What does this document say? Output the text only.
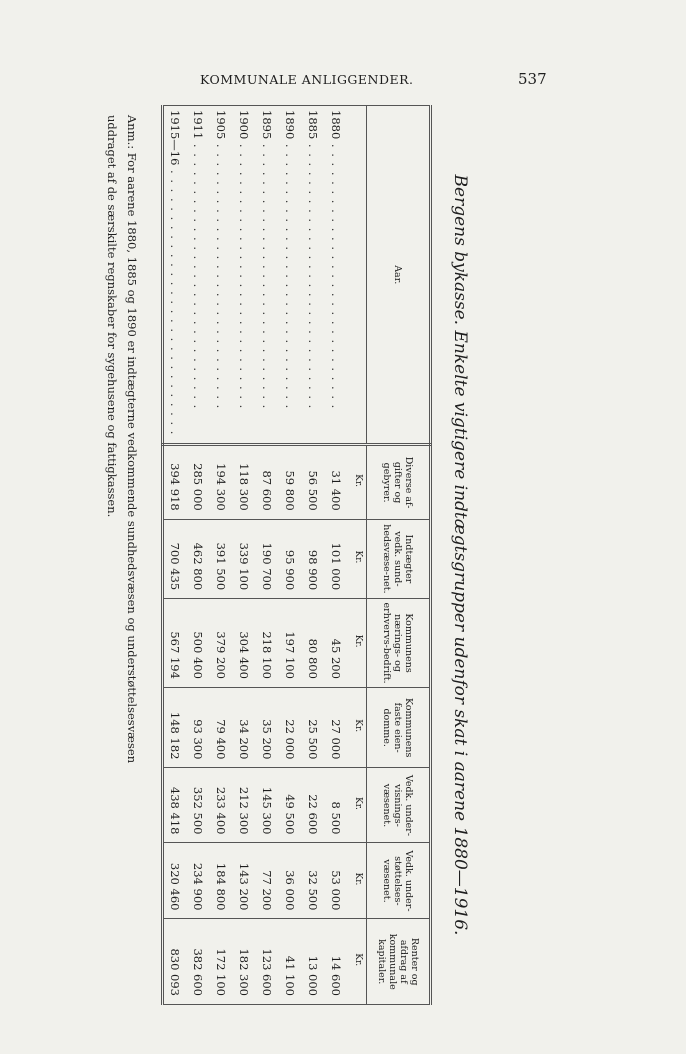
KOMMUNALE ANLIGGENDER.	537
Bergens bykasse. Enkelte vigtigere indtægtsgrupper udenfor skat i aarene 1880—1916.
Aar.	Diverse af-gifter og gebyrer.	Indtægter vedk. sund-hedsvæse-net.	Kommunens nærings- og erhvervs-bedrift.	Kommunens faste eien-domme.	Vedk. under-visnings-væsenet.	Vedk. under-støttelses-væsenet.	Renter og afdrag af kommunale kapitaler.
	Kr.	Kr.	Kr.	Kr.	Kr.	Kr.	Kr.
1880 . . . . . . . . . . . . . . . . . . . . . . . . . . . . .	31 400	101 000	45 200	27 000	8 500	53 000	14 600
1885 . . . . . . . . . . . . . . . . . . . . . . . . . . . . .	56 500	98 900	80 800	25 500	22 600	32 500	13 000
1890 . . . . . . . . . . . . . . . . . . . . . . . . . . . . .	59 800	95 900	197 100	22 000	49 500	36 000	41 100
1895 . . . . . . . . . . . . . . . . . . . . . . . . . . . . .	87 600	190 700	218 100	35 200	145 300	77 200	123 600
1900 . . . . . . . . . . . . . . . . . . . . . . . . . . . . .	118 300	339 100	304 400	34 200	212 300	143 200	182 300
1905 . . . . . . . . . . . . . . . . . . . . . . . . . . . . .	194 300	391 500	379 200	79 400	233 400	184 800	172 100
1911 . . . . . . . . . . . . . . . . . . . . . . . . . . . . .	285 000	462 800	500 400	93 300	352 500	234 900	382 600
1915—16 . . . . . . . . . . . . . . . . . . . . . . . . . . . . .	394 918	700 435	567 194	148 182	438 418	320 460	830 093
Anm.: For aarene 1880, 1885 og 1890 er indtægterne vedkommende sundhedsvæsen og understøttelsesvæsen
uddraget af de særskilte regnskaber for sygehusene og fattigkassen.
